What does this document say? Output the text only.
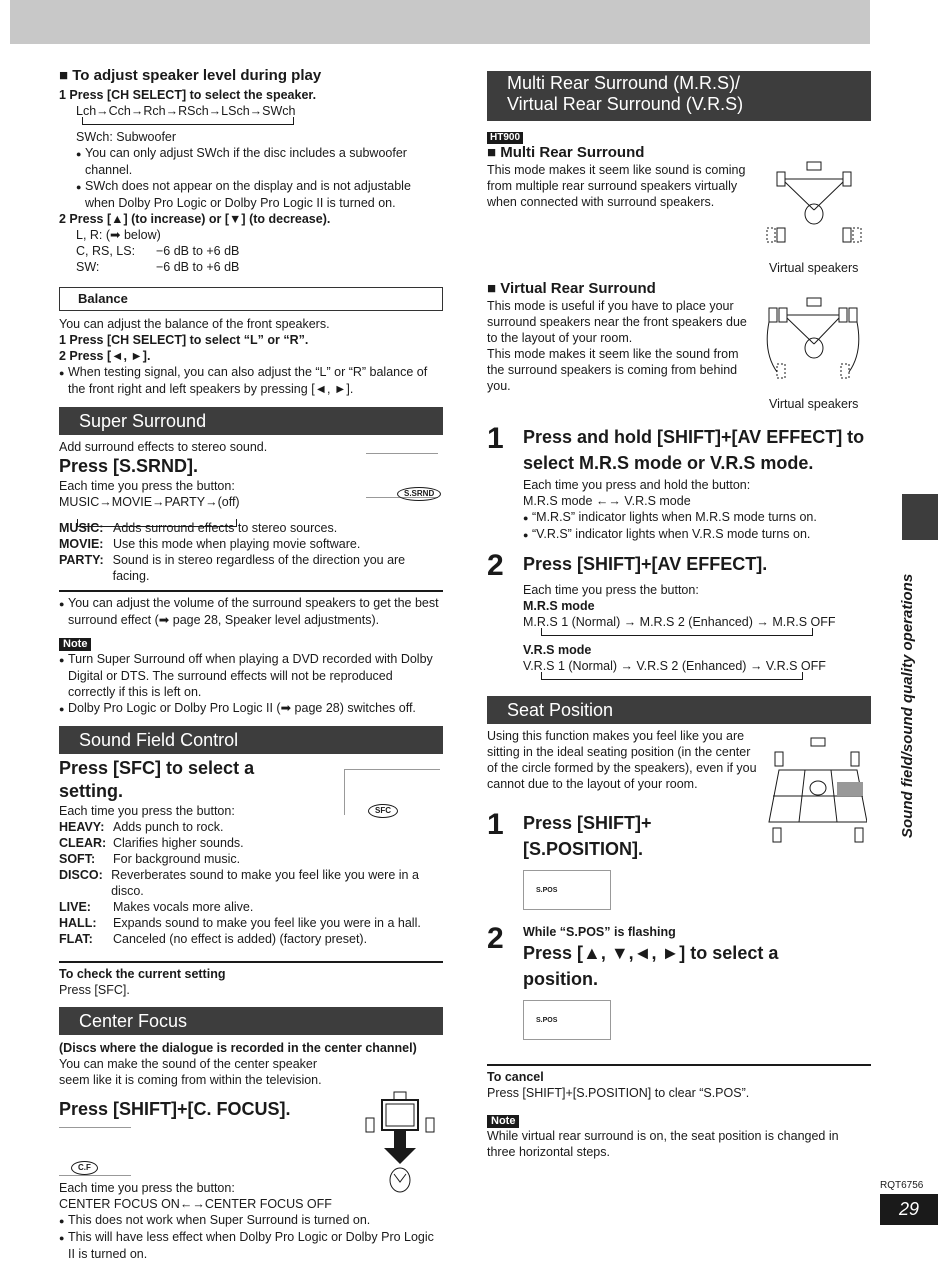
■ To adjust speaker level during play
1 Press [CH SELECT] to select the speaker.
Lch→Cch→Rch→RSch→LSch→SWch
SWch: Subwoofer
● You can only adjust SWch if the disc includes a subwoofer channel.
● SWch does not appear on the display and is not adjustable when Dolby Pro Logic or Dolby Pro Logic II is turned on.
2 Press [▲] (to increase) or [▼] (to decrease).
L, R: (➡ below)
C, RS, LS:	−6 dB to +6 dB
SW:	−6 dB to +6 dB
Balance
You can adjust the balance of the front speakers.
1 Press [CH SELECT] to select “L” or “R”.
2 Press [◄, ►].
● When testing signal, you can also adjust the “L” or “R” balance of the front right and left speakers by pressing [◄, ►].
Super Surround
Add surround effects to stereo sound.
Press [S.SRND].
Each time you press the button:
MUSIC→MOVIE→PARTY→(off)
S.SRND
MUSIC: Adds surround effects to stereo sources.
MOVIE: Use this mode when playing movie software.
PARTY: Sound is in stereo regardless of the direction you are facing.
● You can adjust the volume of the surround speakers to get the best surround effect (➡ page 28, Speaker level adjustments).
Note
● Turn Super Surround off when playing a DVD recorded with Dolby Digital or DTS. The surround effects will not be reproduced correctly if this is left on.
● Dolby Pro Logic or Dolby Pro Logic II (➡ page 28) switches off.
Sound Field Control
Press [SFC] to select a setting.
SFC
Each time you press the button:
HEAVY: Adds punch to rock.
CLEAR: Clarifies higher sounds.
SOFT:	For background music.
DISCO: Reverberates sound to make you feel like you were in a disco.
LIVE:	Makes vocals more alive.
HALL:	Expands sound to make you feel like you were in a hall.
FLAT:	Canceled (no effect is added) (factory preset).
To check the current setting
Press [SFC].
Center Focus
(Discs where the dialogue is recorded in the center channel)
You can make the sound of the center speaker seem like it is coming from within the television.
Press [SHIFT]+[C. FOCUS].
C.F
Each time you press the button:
CENTER FOCUS ON←→CENTER FOCUS OFF
● This does not work when Super Surround is turned on.
● This will have less effect when Dolby Pro Logic or Dolby Pro Logic II is turned on.
Multi Rear Surround (M.R.S)/
Virtual Rear Surround (V.R.S)
HT900
■ Multi Rear Surround
This mode makes it seem like sound is coming from multiple rear surround speakers virtually when connected with surround speakers.
Virtual speakers
■ Virtual Rear Surround
This mode is useful if you have to place your surround speakers near the front speakers due to the layout of your room.
This mode makes it seem like the sound from the surround speakers is coming from behind you.
Virtual speakers
1 Press and hold [SHIFT]+[AV EFFECT] to select M.R.S mode or V.R.S mode.
Each time you press and hold the button:
M.R.S mode ←→ V.R.S mode
● “M.R.S” indicator lights when M.R.S mode turns on.
● “V.R.S” indicator lights when V.R.S mode turns on.
2 Press [SHIFT]+[AV EFFECT].
Each time you press the button:
M.R.S mode
M.R.S 1 (Normal) → M.R.S 2 (Enhanced) → M.R.S OFF
V.R.S mode
V.R.S 1 (Normal) → V.R.S 2 (Enhanced) → V.R.S OFF
Seat Position
Using this function makes you feel like you are sitting in the ideal seating position (in the center of the circle formed by the speakers), even if you cannot due to the layout of your room.
1 Press [SHIFT]+ [S.POSITION].
S.POS
2 While “S.POS” is flashing
Press [▲, ▼,◄, ►] to select a position.
S.POS
To cancel
Press [SHIFT]+[S.POSITION] to clear “S.POS”.
Note
While virtual rear surround is on, the seat position is changed in three horizontal steps.
Sound field/sound quality operations
RQT6756
29
